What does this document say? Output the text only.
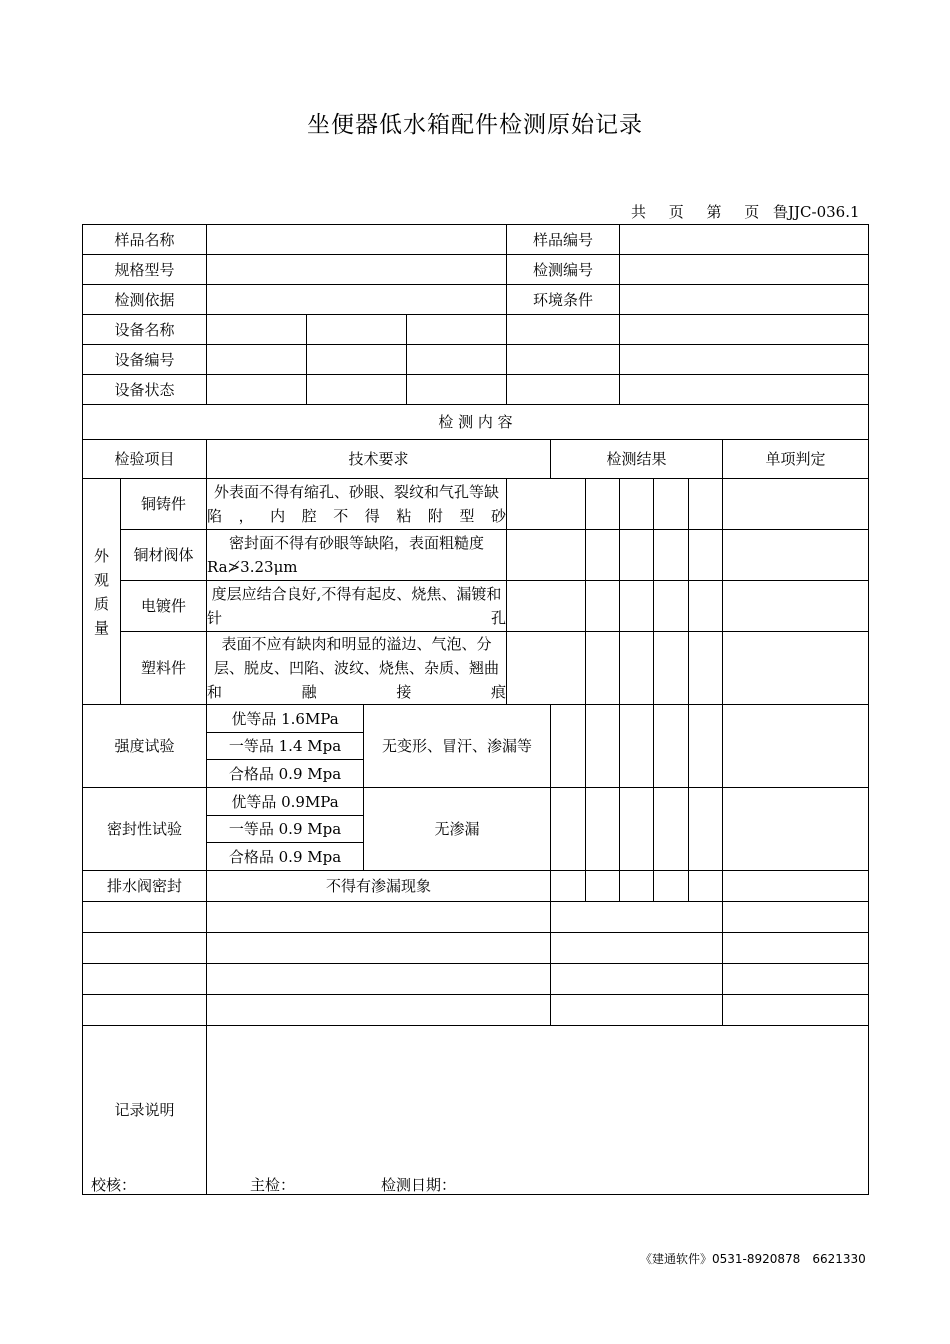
坐便器低水箱配件检测原始记录
共 页 第 页 鲁JJC-036.1
样品名称						样品编号						
规格型号						检测编号						
检测依据						环境条件						
设备名称												
设备编号												
设备状态												
检 测 内 容												
检验项目		技术要求					检测结果					单项判定
外观质量	铜铸件	外表面不得有缩孔、砂眼、裂纹和气孔等缺陷，内腔不得粘附型砂										
	铜材阀体	密封面不得有砂眼等缺陷，表面粗糙度 Ra≯3.23μm										
	电镀件	度层应结合良好,不得有起皮、烧焦、漏镀和针孔										
	塑料件	表面不应有缺肉和明显的溢边、气泡、分层、脱皮、凹陷、波纹、烧焦、杂质、翘曲和融接痕										
强度试验		优等品 1.6MPa		无变形、冒汗、渗漏等								
		一等品 1.4 Mpa										
		合格品 0.9 Mpa										
密封性试验		优等品 0.9MPa		无渗漏								
		一等品 0.9 Mpa										
		合格品 0.9 Mpa										
排水阀密封		不得有渗漏现象										

记录说明												
校核：	主检：	检测日期：
《建通软件》0531-8920878　6621330
